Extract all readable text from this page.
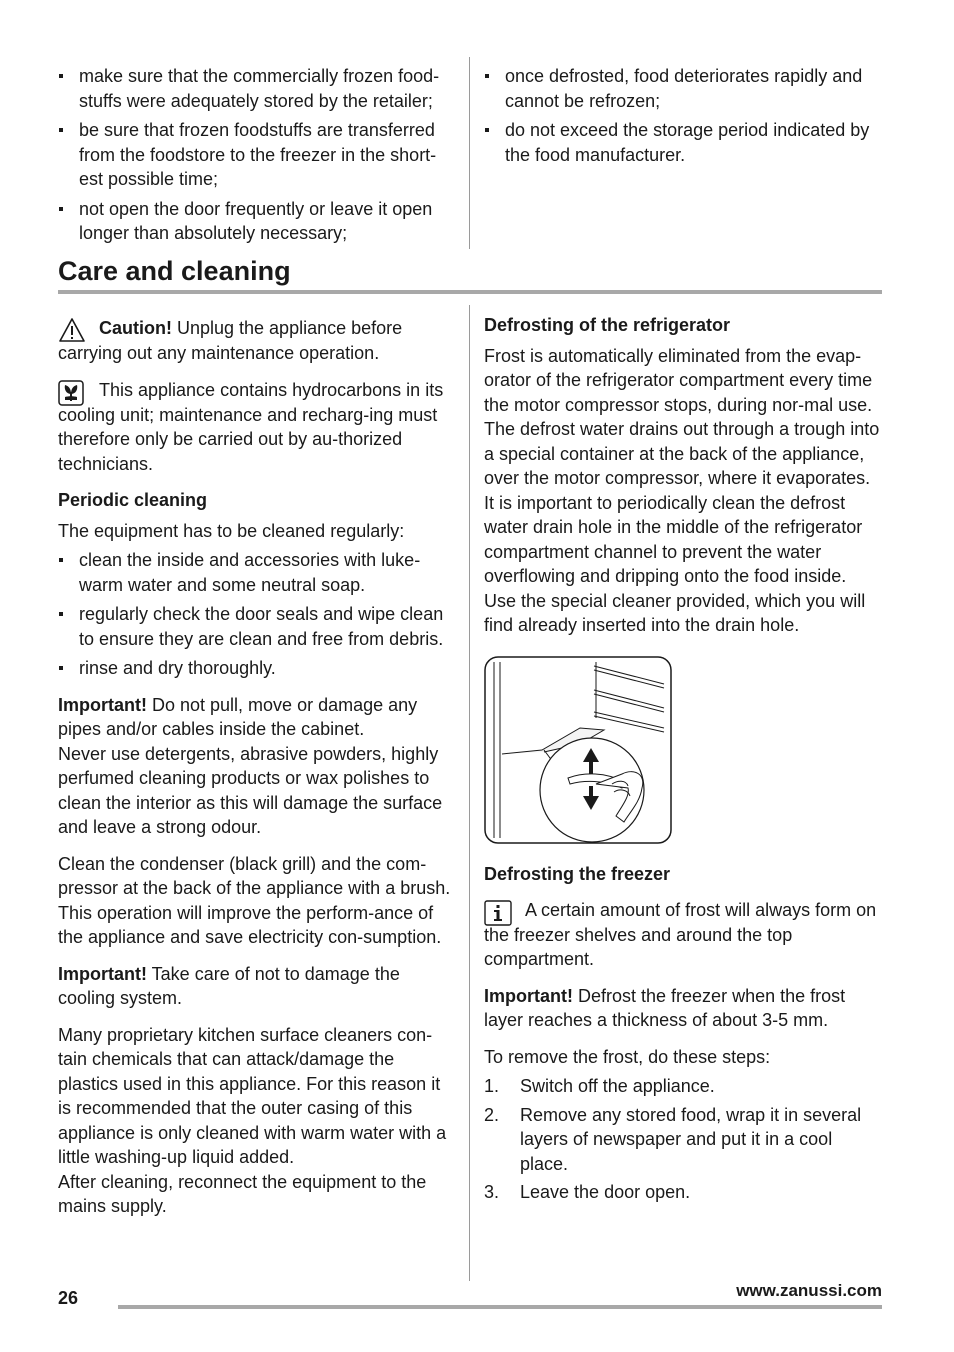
make sure that the commercially frozen food-stuffs were adequately stored by the retailer;
be sure that frozen foodstuffs are transferred from the foodstore to the freezer in the short-est possible time;
not open the door frequently or leave it open longer than absolutely necessary;
once defrosted, food deteriorates rapidly and cannot be refrozen;
do not exceed the storage period indicated by the food manufacturer.
Care and cleaning
Caution! Unplug the appliance before carrying out any maintenance operation.
This appliance contains hydrocarbons in its cooling unit; maintenance and recharg-ing must therefore only be carried out by au-thorized technicians.

Periodic cleaning

The equipment has to be cleaned regularly:

clean the inside and accessories with luke-warm water and some neutral soap.
regularly check the door seals and wipe clean to ensure they are clean and free from debris.
rinse and dry thoroughly.

Important! Do not pull, move or damage any pipes and/or cables inside the cabinet.

Never use detergents, abrasive powders, highly perfumed cleaning products or wax polishes to clean the interior as this will damage the surface and leave a strong odour.

Clean the condenser (black grill) and the com-pressor at the back of the appliance with a brush. This operation will improve the perform-ance of the appliance and save electricity con-sumption.

Important! Take care of not to damage the cooling system.

Many proprietary kitchen surface cleaners con-tain chemicals that can attack/damage the plastics used in this appliance. For this reason it is recommended that the outer casing of this appliance is only cleaned with warm water with a little washing-up liquid added.

After cleaning, reconnect the equipment to the mains supply.

Defrosting of the refrigerator

Frost is automatically eliminated from the evap-orator of the refrigerator compartment every time the motor compressor stops, during nor-mal use. The defrost water drains out through a trough into a special container at the back of the appliance, over the motor compressor, where it evaporates.

It is important to periodically clean the defrost water drain hole in the middle of the refrigerator compartment channel to prevent the water overflowing and dripping onto the food inside. Use the special cleaner provided, which you will find already inserted into the drain hole.

Defrosting the freezer

A certain amount of frost will always form on the freezer shelves and around the top compartment.

Important! Defrost the freezer when the frost layer reaches a thickness of about 3-5 mm.

To remove the frost, do these steps:

1. Switch off the appliance.
2. Remove any stored food, wrap it in several layers of newspaper and put it in a cool place.
3. Leave the door open.
26	www.zanussi.com
